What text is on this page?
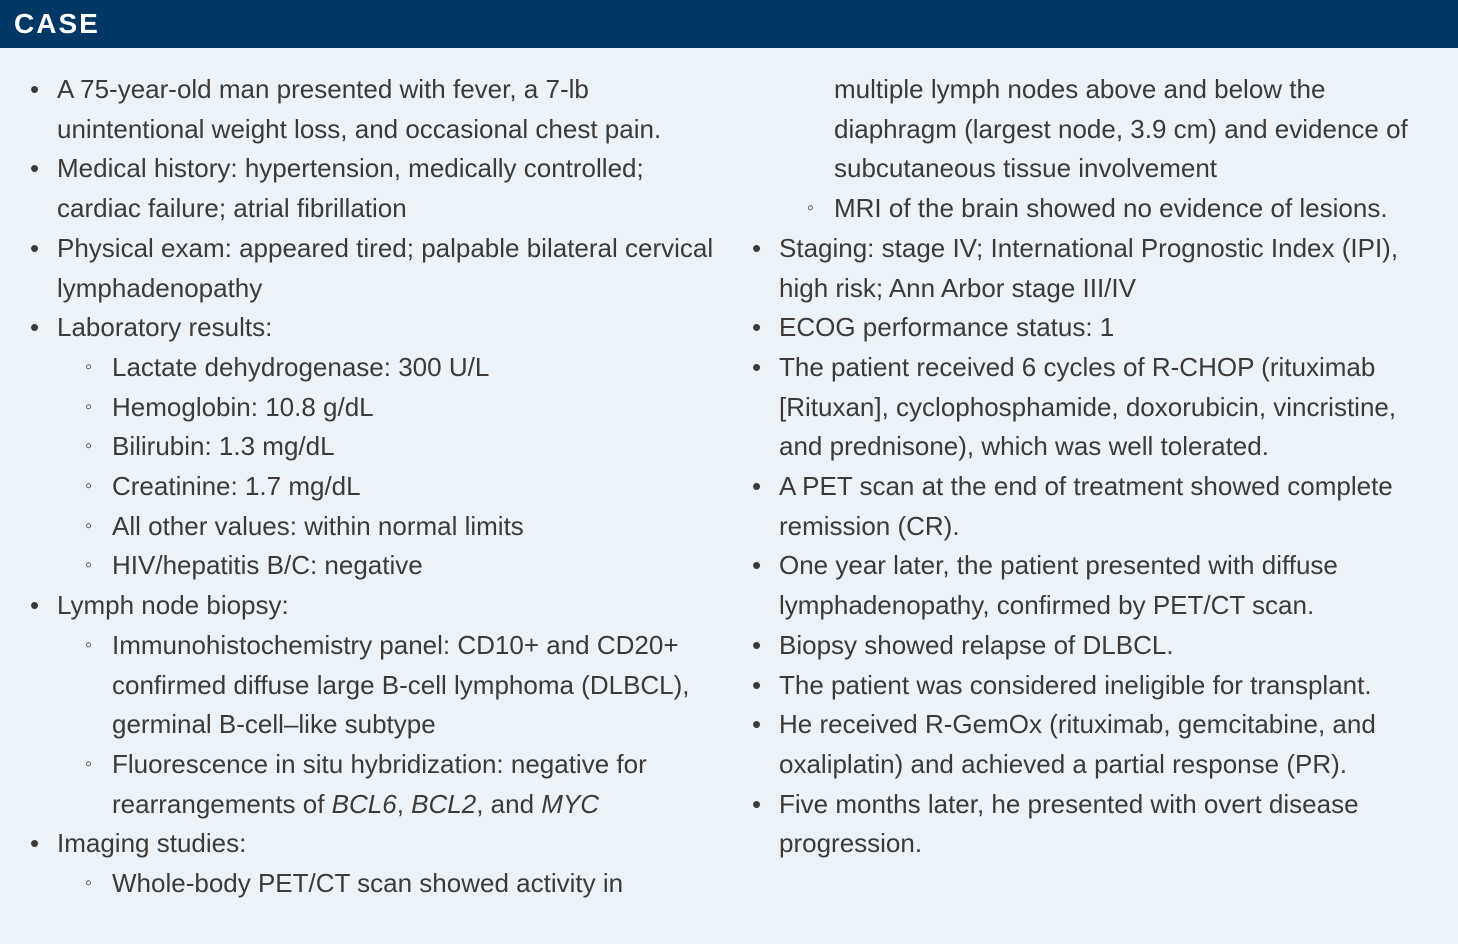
CASE
• A 75-year-old man presented with fever, a 7-lb unintentional weight loss, and occasional chest pain.
• Medical history: hypertension, medically controlled; cardiac failure; atrial fibrillation
• Physical exam: appeared tired; palpable bilateral cervical lymphadenopathy
• Laboratory results:
◦ Lactate dehydrogenase: 300 U/L
◦ Hemoglobin: 10.8 g/dL
◦ Bilirubin: 1.3 mg/dL
◦ Creatinine: 1.7 mg/dL
◦ All other values: within normal limits
◦ HIV/hepatitis B/C: negative
• Lymph node biopsy:
◦ Immunohistochemistry panel: CD10+ and CD20+ confirmed diffuse large B-cell lymphoma (DLBCL), germinal B-cell–like subtype
◦ Fluorescence in situ hybridization: negative for rearrangements of BCL6, BCL2, and MYC
• Imaging studies:
◦ Whole-body PET/CT scan showed activity in
multiple lymph nodes above and below the diaphragm (largest node, 3.9 cm) and evidence of subcutaneous tissue involvement
◦ MRI of the brain showed no evidence of lesions.
• Staging: stage IV; International Prognostic Index (IPI), high risk; Ann Arbor stage III/IV
• ECOG performance status: 1
• The patient received 6 cycles of R-CHOP (rituximab [Rituxan], cyclophosphamide, doxorubicin, vincristine, and prednisone), which was well tolerated.
• A PET scan at the end of treatment showed complete remission (CR).
• One year later, the patient presented with diffuse lymphadenopathy, confirmed by PET/CT scan.
• Biopsy showed relapse of DLBCL.
• The patient was considered ineligible for transplant.
• He received R-GemOx (rituximab, gemcitabine, and oxaliplatin) and achieved a partial response (PR).
• Five months later, he presented with overt disease progression.
